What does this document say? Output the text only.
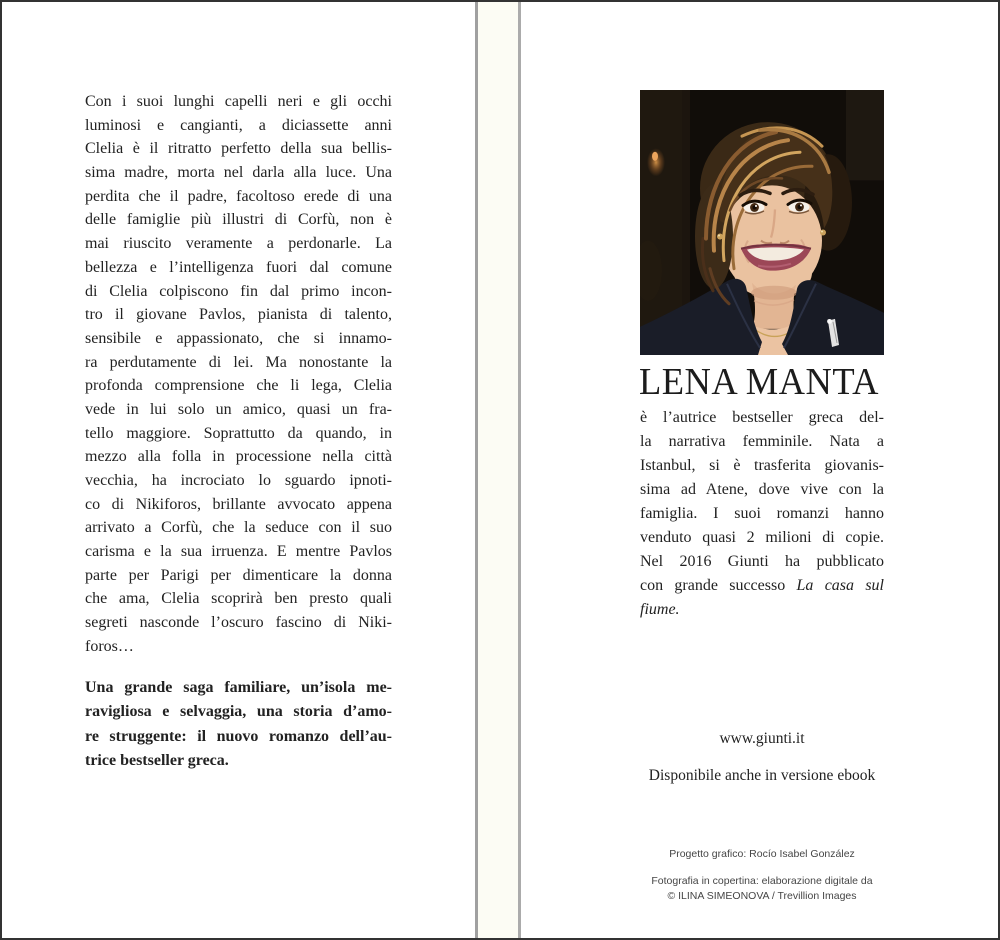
Con i suoi lunghi capelli neri e gli occhi
luminosi e cangianti, a diciassette anni
Clelia è il ritratto perfetto della sua bellis-
sima madre, morta nel darla alla luce. Una
perdita che il padre, facoltoso erede di una
delle famiglie più illustri di Corfù, non è
mai riuscito veramente a perdonarle. La
bellezza e l’intelligenza fuori dal comune
di Clelia colpiscono fin dal primo incon-
tro il giovane Pavlos, pianista di talento,
sensibile e appassionato, che si innamo-
ra perdutamente di lei. Ma nonostante la
profonda comprensione che li lega, Clelia
vede in lui solo un amico, quasi un fra-
tello maggiore. Soprattutto da quando, in
mezzo alla folla in processione nella città
vecchia, ha incrociato lo sguardo ipnoti-
co di Nikiforos, brillante avvocato appena
arrivato a Corfù, che la seduce con il suo
carisma e la sua irruenza. E mentre Pavlos
parte per Parigi per dimenticare la donna
che ama, Clelia scoprirà ben presto quali
segreti nasconde l’oscuro fascino di Niki-
foros…
Una grande saga familiare, un’isola me-
ravigliosa e selvaggia, una storia d’amo-
re struggente: il nuovo romanzo dell’au-
trice bestseller greca.
LENA MANTA
è l’autrice bestseller greca del-
la narrativa femminile. Nata a
Istanbul, si è trasferita giovanis-
sima ad Atene, dove vive con la
famiglia. I suoi romanzi hanno
venduto quasi 2 milioni di copie.
Nel 2016 Giunti ha pubblicato
con grande successo La casa sul
fiume.
www.giunti.it
Disponibile anche in versione ebook
Progetto grafico: Rocío Isabel González
Fotografia in copertina: elaborazione digitale da
© ILINA SIMEONOVA / Trevillion Images
